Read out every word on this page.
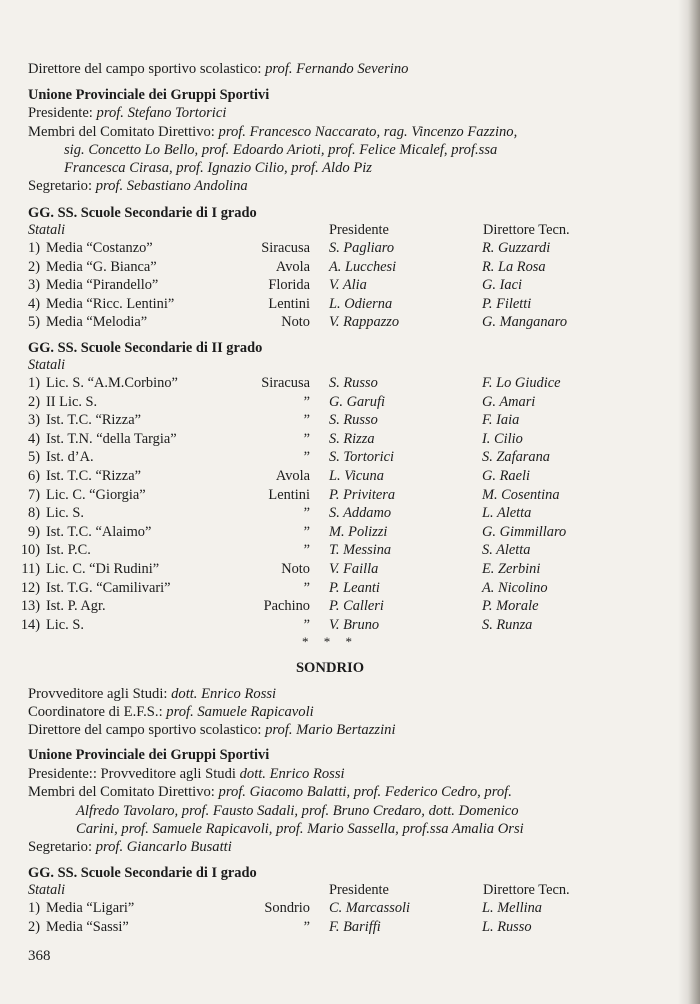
Direttore del campo sportivo scolastico: prof. Fernando Severino
Unione Provinciale dei Gruppi Sportivi
Presidente: prof. Stefano Tortorici
Membri del Comitato Direttivo: prof. Francesco Naccarato, rag. Vincenzo Fazzino,
sig. Concetto Lo Bello, prof. Edoardo Arioti, prof. Felice Micalef, prof.ssa
Francesca Cirasa, prof. Ignazio Cilio, prof. Aldo Piz
Segretario: prof. Sebastiano Andolina
GG. SS. Scuole Secondarie di I grado
Statali	Presidente	Direttore Tecn.
1) Media “Costanzo”	Siracusa S. Pagliaro	R. Guzzardi
2) Media “G. Bianca”	Avola A. Lucchesi	R. La Rosa
3) Media “Pirandello”	Florida V. Alia	G. Iaci
4) Media “Ricc. Lentini”	Lentini L. Odierna	P. Filetti
5) Media “Melodia”	Noto V. Rappazzo	G. Manganaro
GG. SS. Scuole Secondarie di II grado
Statali
1) Lic. S. “A.M.Corbino”	Siracusa S. Russo	F. Lo Giudice
2) II Lic. S.	” G. Garufi	G. Amari
3) Ist. T.C. “Rizza”	” S. Russo	F. Iaia
4) Ist. T.N. “della Targia”	” S. Rizza	I. Cilio
5) Ist. d’A.	” S. Tortorici	S. Zafarana
6) Ist. T.C. “Rizza”	Avola L. Vicuna	G. Raeli
7) Lic. C. “Giorgia”	Lentini P. Privitera	M. Cosentina
8) Lic. S.	” S. Addamo	L. Aletta
9) Ist. T.C. “Alaimo”	” M. Polizzi	G. Gimmillaro
10) Ist. P.C.	” T. Messina	S. Aletta
11) Lic. C. “Di Rudini”	Noto V. Failla	E. Zerbini
12) Ist. T.G. “Camilivari”	” P. Leanti	A. Nicolino
13) Ist. P. Agr.	Pachino P. Calleri	P. Morale
14) Lic. S.	” V. Bruno	S. Runza
* * *
SONDRIO
Provveditore agli Studi: dott. Enrico Rossi
Coordinatore di E.F.S.: prof. Samuele Rapicavoli
Direttore del campo sportivo scolastico: prof. Mario Bertazzini
Unione Provinciale dei Gruppi Sportivi
Presidente:: Provveditore agli Studi dott. Enrico Rossi
Membri del Comitato Direttivo: prof. Giacomo Balatti, prof. Federico Cedro, prof.
Alfredo Tavolaro, prof. Fausto Sadali, prof. Bruno Credaro, dott. Domenico
Carini, prof. Samuele Rapicavoli, prof. Mario Sassella, prof.ssa Amalia Orsi
Segretario: prof. Giancarlo Busatti
GG. SS. Scuole Secondarie di I grado
Statali	Presidente	Direttore Tecn.
1) Media “Ligari”	Sondrio C. Marcassoli	L. Mellina
2) Media “Sassi”	” F. Bariffi	L. Russo
368
